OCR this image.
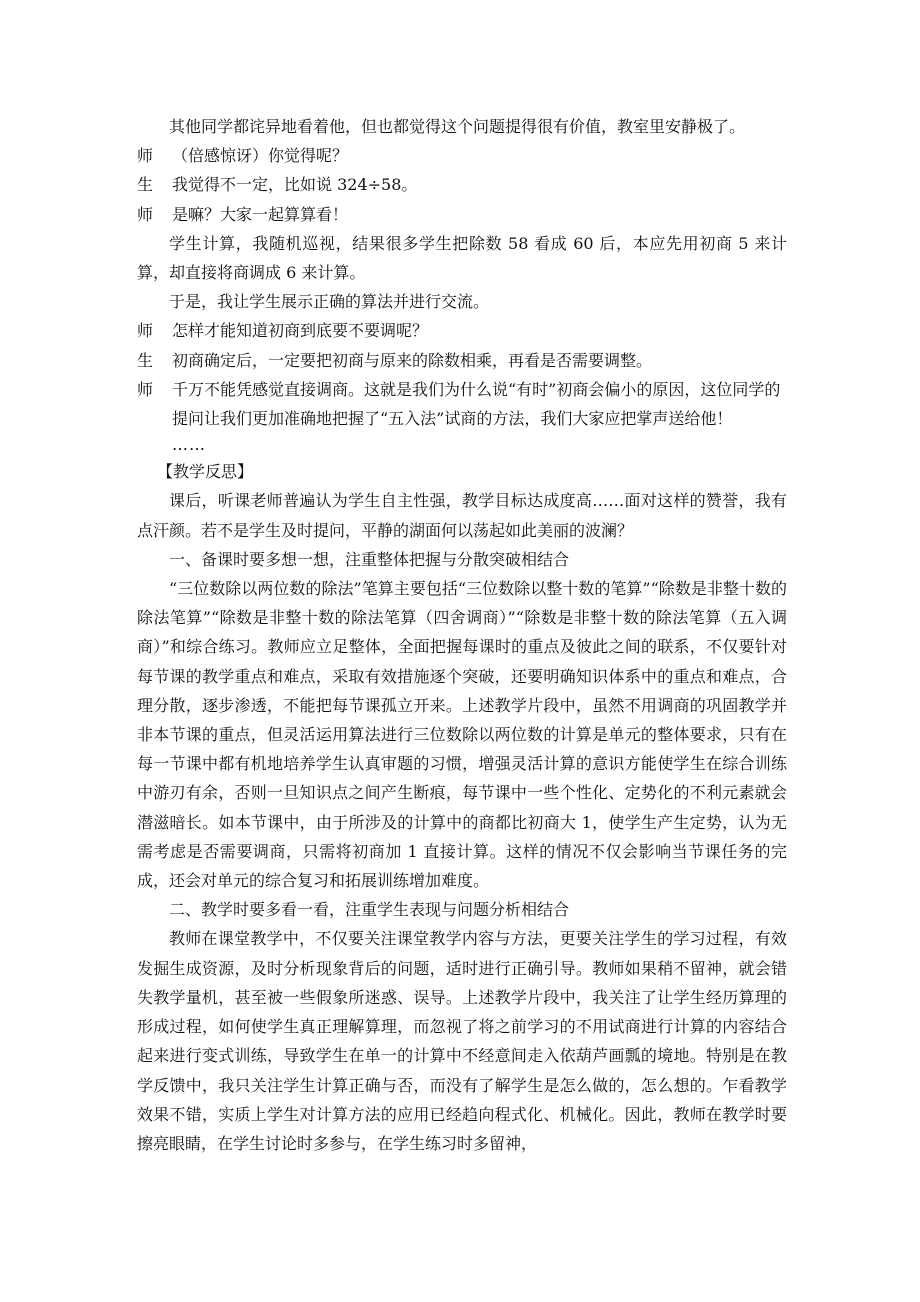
其他同学都诧异地看着他，但也都觉得这个问题提得很有价值，教室里安静极了。
师	（倍感惊讶）你觉得呢？
生	我觉得不一定，比如说 324÷58。
师	是嘛？大家一起算算看！
学生计算，我随机巡视，结果很多学生把除数 58 看成 60 后，本应先用初商 5 来计算，却直接将商调成 6 来计算。
于是，我让学生展示正确的算法并进行交流。
师	怎样才能知道初商到底要不要调呢？
生	初商确定后，一定要把初商与原来的除数相乘，再看是否需要调整。
师	千万不能凭感觉直接调商。这就是我们为什么说“有时”初商会偏小的原因，这位同学的提问让我们更加准确地把握了“五入法”试商的方法，我们大家应把掌声送给他！
……
【教学反思】
课后，听课老师普遍认为学生自主性强，教学目标达成度高……面对这样的赞誉，我有点汗颜。若不是学生及时提问，平静的湖面何以荡起如此美丽的波澜？
一、备课时要多想一想，注重整体把握与分散突破相结合
“三位数除以两位数的除法”笔算主要包括“三位数除以整十数的笔算”“除数是非整十数的除法笔算”“除数是非整十数的除法笔算（四舍调商）”“除数是非整十数的除法笔算（五入调商）”和综合练习。教师应立足整体，全面把握每课时的重点及彼此之间的联系，不仅要针对每节课的教学重点和难点，采取有效措施逐个突破，还要明确知识体系中的重点和难点，合理分散，逐步渗透，不能把每节课孤立开来。上述教学片段中，虽然不用调商的巩固教学并非本节课的重点，但灵活运用算法进行三位数除以两位数的计算是单元的整体要求，只有在每一节课中都有机地培养学生认真审题的习惯，增强灵活计算的意识方能使学生在综合训练中游刃有余，否则一旦知识点之间产生断痕，每节课中一些个性化、定势化的不利元素就会潜滋暗长。如本节课中，由于所涉及的计算中的商都比初商大 1，使学生产生定势，认为无需考虑是否需要调商，只需将初商加 1 直接计算。这样的情况不仅会影响当节课任务的完成，还会对单元的综合复习和拓展训练增加难度。
二、教学时要多看一看，注重学生表现与问题分析相结合
教师在课堂教学中，不仅要关注课堂教学内容与方法，更要关注学生的学习过程，有效发掘生成资源，及时分析现象背后的问题，适时进行正确引导。教师如果稍不留神，就会错失教学量机，甚至被一些假象所迷惑、误导。上述教学片段中，我关注了让学生经历算理的形成过程，如何使学生真正理解算理，而忽视了将之前学习的不用试商进行计算的内容结合起来进行变式训练，导致学生在单一的计算中不经意间走入依葫芦画瓢的境地。特别是在教学反馈中，我只关注学生计算正确与否，而没有了解学生是怎么做的，怎么想的。乍看教学效果不错，实质上学生对计算方法的应用已经趋向程式化、机械化。因此，教师在教学时要擦亮眼睛，在学生讨论时多参与，在学生练习时多留神，
